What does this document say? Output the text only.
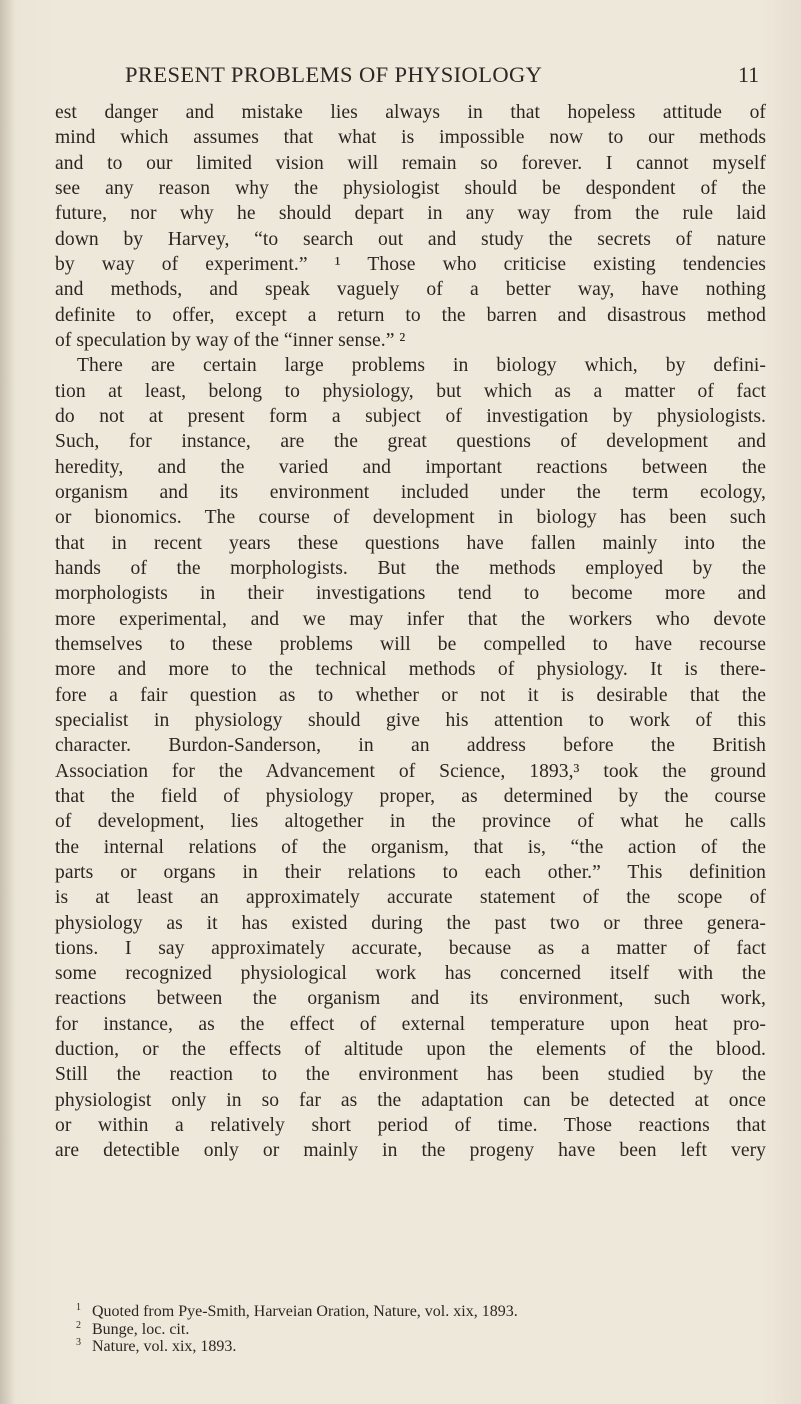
PRESENT PROBLEMS OF PHYSIOLOGY	11
est danger and mistake lies always in that hopeless attitude of
mind which assumes that what is impossible now to our methods
and to our limited vision will remain so forever. I cannot myself
see any reason why the physiologist should be despondent of the
future, nor why he should depart in any way from the rule laid
down by Harvey, “to search out and study the secrets of nature
by way of experiment.” ¹ Those who criticise existing tendencies
and methods, and speak vaguely of a better way, have nothing
definite to offer, except a return to the barren and disastrous method
of speculation by way of the “inner sense.” ²
There are certain large problems in biology which, by defini-
tion at least, belong to physiology, but which as a matter of fact
do not at present form a subject of investigation by physiologists.
Such, for instance, are the great questions of development and
heredity, and the varied and important reactions between the
organism and its environment included under the term ecology,
or bionomics. The course of development in biology has been such
that in recent years these questions have fallen mainly into the
hands of the morphologists. But the methods employed by the
morphologists in their investigations tend to become more and
more experimental, and we may infer that the workers who devote
themselves to these problems will be compelled to have recourse
more and more to the technical methods of physiology. It is there-
fore a fair question as to whether or not it is desirable that the
specialist in physiology should give his attention to work of this
character. Burdon-Sanderson, in an address before the British
Association for the Advancement of Science, 1893,³ took the ground
that the field of physiology proper, as determined by the course
of development, lies altogether in the province of what he calls
the internal relations of the organism, that is, “the action of the
parts or organs in their relations to each other.” This definition
is at least an approximately accurate statement of the scope of
physiology as it has existed during the past two or three genera-
tions. I say approximately accurate, because as a matter of fact
some recognized physiological work has concerned itself with the
reactions between the organism and its environment, such work,
for instance, as the effect of external temperature upon heat pro-
duction, or the effects of altitude upon the elements of the blood.
Still the reaction to the environment has been studied by the
physiologist only in so far as the adaptation can be detected at once
or within a relatively short period of time. Those reactions that
are detectible only or mainly in the progeny have been left very
1 Quoted from Pye-Smith, Harveian Oration, Nature, vol. xix, 1893.
2 Bunge, loc. cit.
3 Nature, vol. xix, 1893.
